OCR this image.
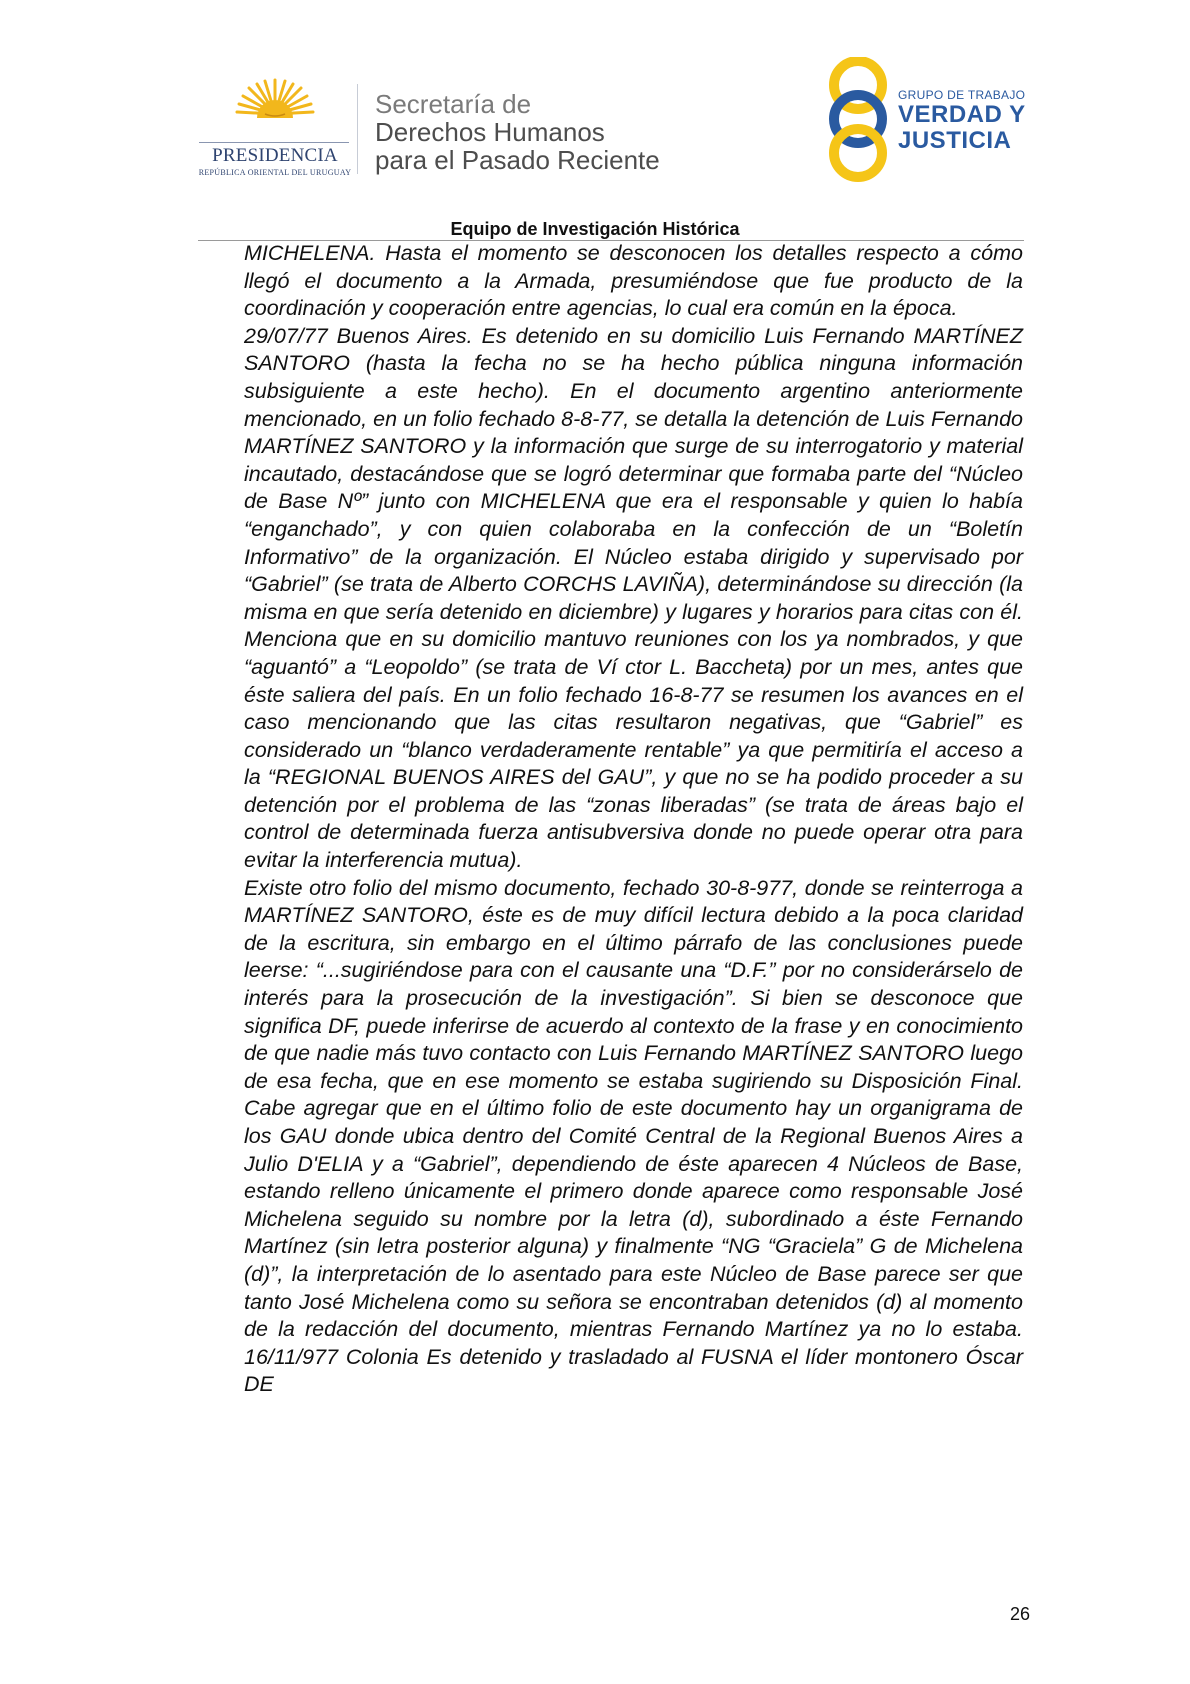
PRESIDENCIA
REPÚBLICA ORIENTAL DEL URUGUAY
Secretaría de
Derechos Humanos
para el Pasado Reciente
GRUPO DE TRABAJO
VERDAD Y
JUSTICIA
Equipo de Investigación Histórica

MICHELENA. Hasta el momento se desconocen los detalles respecto a cómo llegó el documento a la Armada, presumiéndose que fue producto de la coordinación y cooperación entre agencias, lo cual era común en la época.

29/07/77 Buenos Aires. Es detenido en su domicilio Luis Fernando MARTÍNEZ SANTORO (hasta la fecha no se ha hecho pública ninguna información subsiguiente a este hecho). En el documento argentino anteriormente mencionado, en un folio fechado 8-8-77, se detalla la detención de Luis Fernando MARTÍNEZ SANTORO y la información que surge de su interrogatorio y material incautado, destacándose que se logró determinar que formaba parte del “Núcleo de Base Nº” junto con MICHELENA que era el responsable y quien lo había “enganchado”, y con quien colaboraba en la confección de un “Boletín Informativo” de la organización. El Núcleo estaba dirigido y supervisado por “Gabriel” (se trata de Alberto CORCHS LAVIÑA), determinándose su dirección (la misma en que sería detenido en diciembre) y lugares y horarios para citas con él. Menciona que en su domicilio mantuvo reuniones con los ya nombrados, y que “aguantó” a “Leopoldo” (se trata de Ví ctor L. Baccheta) por un mes, antes que éste saliera del país. En un folio fechado 16-8-77 se resumen los avances en el caso mencionando que las citas resultaron negativas, que “Gabriel” es considerado un “blanco verdaderamente rentable” ya que permitiría el acceso a la “REGIONAL BUENOS AIRES del GAU”, y que no se ha podido proceder a su detención por el problema de las “zonas liberadas” (se trata de áreas bajo el control de determinada fuerza antisubversiva donde no puede operar otra para evitar la interferencia mutua).

Existe otro folio del mismo documento, fechado 30-8-977, donde se reinterroga a MARTÍNEZ SANTORO, éste es de muy difícil lectura debido a la poca claridad de la escritura, sin embargo en el último párrafo de las conclusiones puede leerse: “...sugiriéndose para con el causante una “D.F.” por no considerárselo de interés para la prosecución de la investigación”. Si bien se desconoce que significa DF, puede inferirse de acuerdo al contexto de la frase y en conocimiento de que nadie más tuvo contacto con Luis Fernando MARTÍNEZ SANTORO luego de esa fecha, que en ese momento se estaba sugiriendo su Disposición Final. Cabe agregar que en el último folio de este documento hay un organigrama de los GAU donde ubica dentro del Comité Central de la Regional Buenos Aires a Julio D'ELIA y a “Gabriel”, dependiendo de éste aparecen 4 Núcleos de Base, estando relleno únicamente el primero donde aparece como responsable José Michelena seguido su nombre por la letra (d), subordinado a éste Fernando Martínez (sin letra posterior alguna) y finalmente “NG “Graciela” G de Michelena (d)”, la interpretación de lo asentado para este Núcleo de Base parece ser que tanto José Michelena como su señora se encontraban detenidos (d) al momento de la redacción del documento, mientras Fernando Martínez ya no lo estaba. 16/11/977 Colonia Es detenido y trasladado al FUSNA el líder montonero Óscar DE

26
